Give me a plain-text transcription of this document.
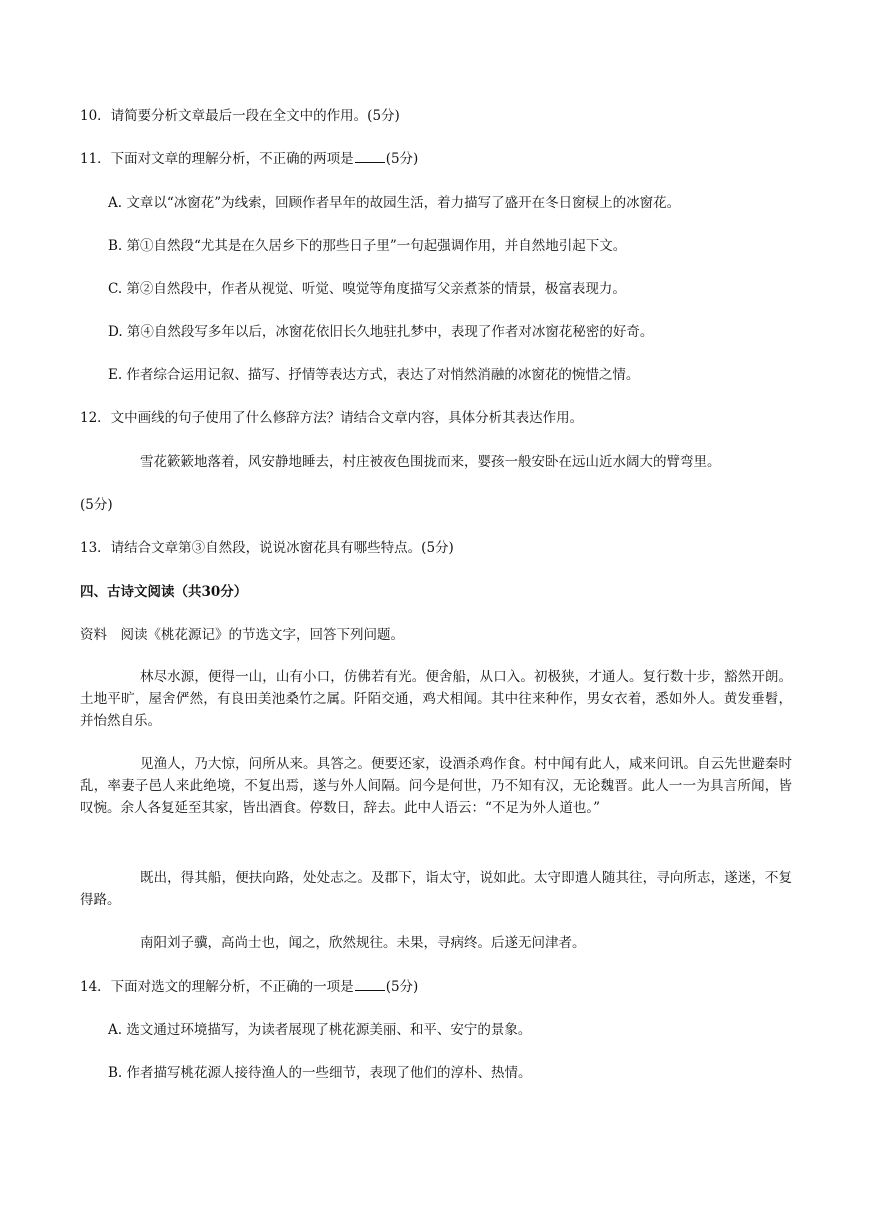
10．请简要分析文章最后一段在全文中的作用。(5分)
11．下面对文章的理解分析，不正确的两项是 (5分)
A. 文章以“冰窗花”为线索，回顾作者早年的故园生活，着力描写了盛开在冬日窗棂上的冰窗花。
B. 第①自然段“尤其是在久居乡下的那些日子里”一句起强调作用，并自然地引起下文。
C. 第②自然段中，作者从视觉、听觉、嗅觉等角度描写父亲煮茶的情景，极富表现力。
D. 第④自然段写多年以后，冰窗花依旧长久地驻扎梦中，表现了作者对冰窗花秘密的好奇。
E. 作者综合运用记叙、描写、抒情等表达方式，表达了对悄然消融的冰窗花的惋惜之情。
12．文中画线的句子使用了什么修辞方法？请结合文章内容，具体分析其表达作用。
雪花簌簌地落着，风安静地睡去，村庄被夜色围拢而来，婴孩一般安卧在远山近水阔大的臂弯里。
(5分)
13．请结合文章第③自然段，说说冰窗花具有哪些特点。(5分)
四、古诗文阅读（共30分）
资料　阅读《桃花源记》的节选文字，回答下列问题。
林尽水源，便得一山，山有小口，仿佛若有光。便舍船，从口入。初极狭，才通人。复行数十步，豁然开朗。土地平旷，屋舍俨然，有良田美池桑竹之属。阡陌交通，鸡犬相闻。其中往来种作，男女衣着，悉如外人。黄发垂髫，并怡然自乐。
见渔人，乃大惊，问所从来。具答之。便要还家，设酒杀鸡作食。村中闻有此人，咸来问讯。自云先世避秦时乱，率妻子邑人来此绝境，不复出焉，遂与外人间隔。问今是何世，乃不知有汉，无论魏晋。此人一一为具言所闻，皆叹惋。余人各复延至其家，皆出酒食。停数日，辞去。此中人语云：“不足为外人道也。”
既出，得其船，便扶向路，处处志之。及郡下，诣太守，说如此。太守即遣人随其往，寻向所志，遂迷，不复得路。
南阳刘子骥，高尚士也，闻之，欣然规往。未果，寻病终。后遂无问津者。
14．下面对选文的理解分析，不正确的一项是 (5分)
A. 选文通过环境描写，为读者展现了桃花源美丽、和平、安宁的景象。
B. 作者描写桃花源人接待渔人的一些细节，表现了他们的淳朴、热情。
